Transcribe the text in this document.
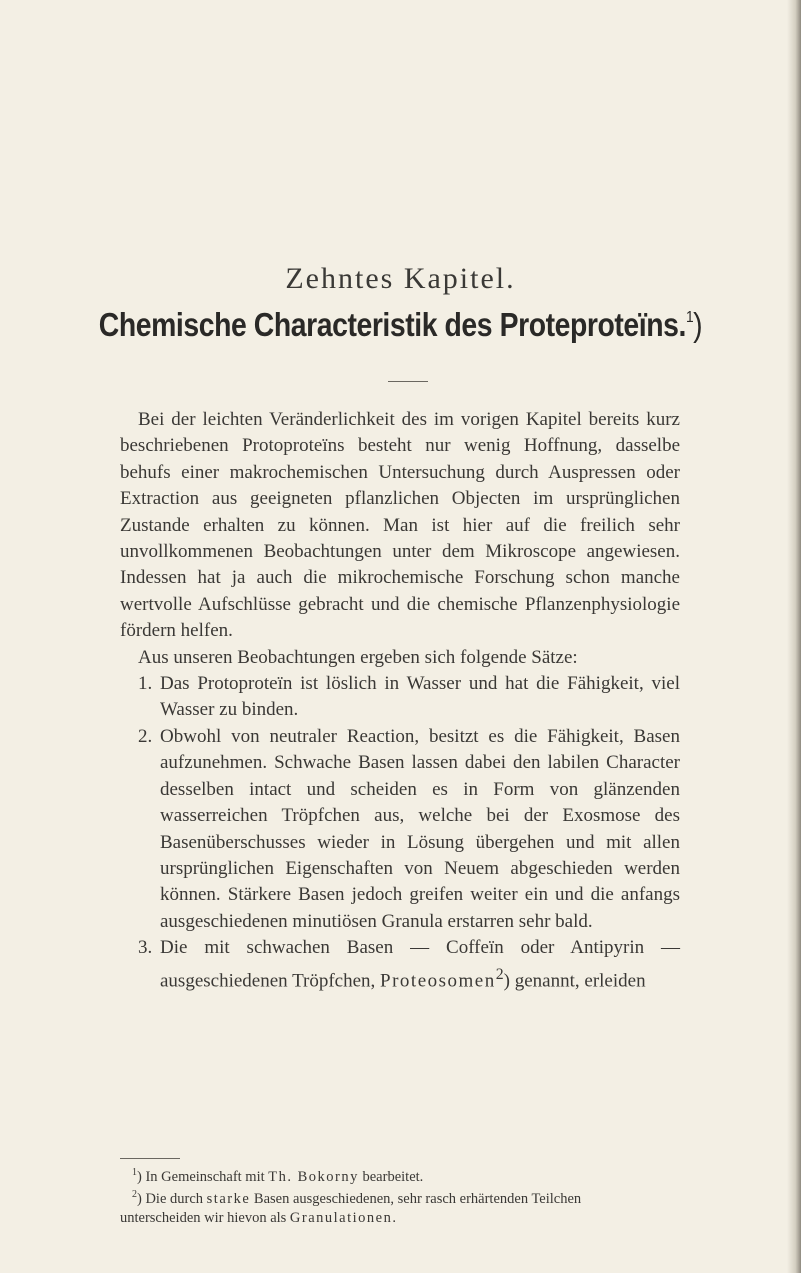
Zehntes Kapitel.
Chemische Characteristik des Proteproteïns.$^1$)

Bei der leichten Veränderlichkeit des im vorigen Kapitel bereits kurz beschriebenen Protoproteïns besteht nur wenig Hoffnung, dasselbe behufs einer makrochemischen Untersuchung durch Auspressen oder Extraction aus geeigneten pflanzlichen Objecten im ursprünglichen Zustande erhalten zu können. Man ist hier auf die freilich sehr unvollkommenen Beobachtungen unter dem Mikroscope angewiesen. Indessen hat ja auch die mikrochemische Forschung schon manche wertvolle Aufschlüsse gebracht und die chemische Pflanzenphysiologie fördern helfen.

Aus unseren Beobachtungen ergeben sich folgende Sätze:

1. Das Protoproteïn ist löslich in Wasser und hat die Fähigkeit, viel Wasser zu binden.

2. Obwohl von neutraler Reaction, besitzt es die Fähigkeit, Basen aufzunehmen. Schwache Basen lassen dabei den labilen Character desselben intact und scheiden es in Form von glänzenden wasserreichen Tröpfchen aus, welche bei der Exosmose des Basenüberschusses wieder in Lösung übergehen und mit allen ursprünglichen Eigenschaften von Neuem abgeschieden werden können. Stärkere Basen jedoch greifen weiter ein und die anfangs ausgeschiedenen minutiösen Granula erstarren sehr bald.

3. Die mit schwachen Basen — Coffeïn oder Antipyrin — ausgeschiedenen Tröpfchen, Proteosomen$^2$) genannt, erleiden

$^1$) In Gemeinschaft mit Th. Bokorny bearbeitet.

$^2$) Die durch starke Basen ausgeschiedenen, sehr rasch erhärtenden Teilchen

unterscheiden wir hievon als Granulationen.
